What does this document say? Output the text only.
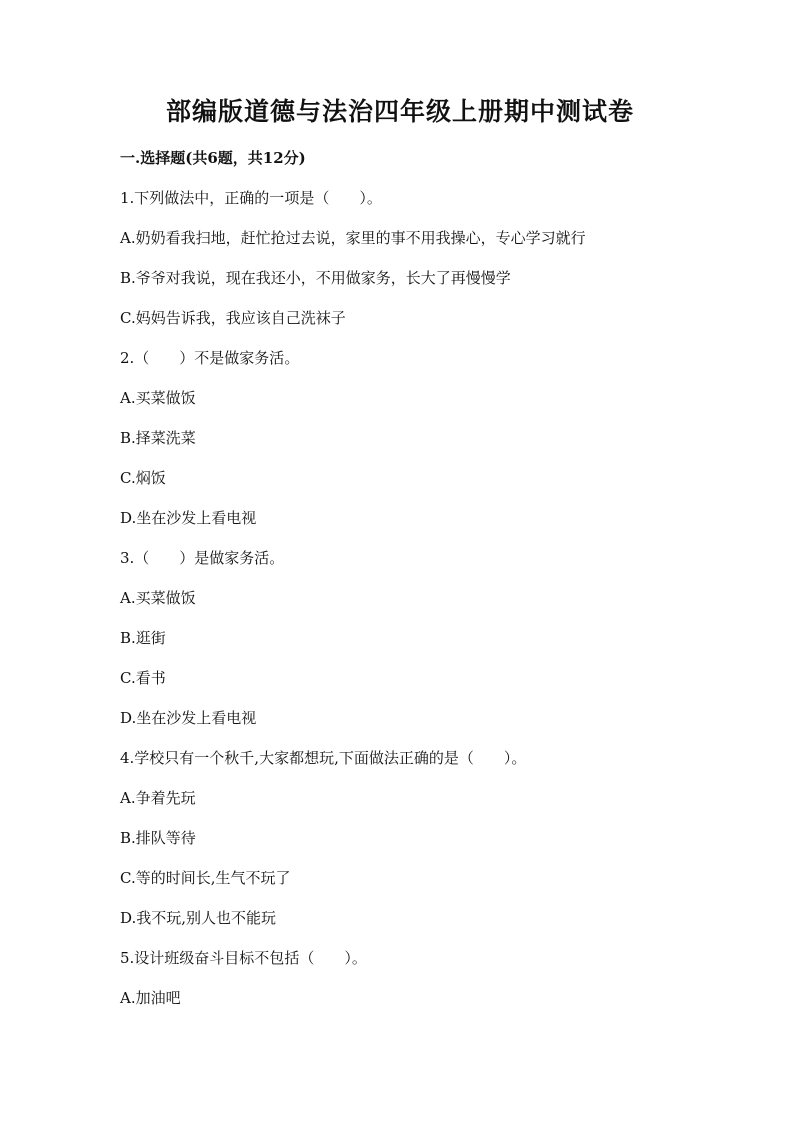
部编版道德与法治四年级上册期中测试卷
一.选择题(共6题，共12分)
1.下列做法中，正确的一项是（　　）。
A.奶奶看我扫地，赶忙抢过去说，家里的事不用我操心，专心学习就行
B.爷爷对我说，现在我还小，不用做家务，长大了再慢慢学
C.妈妈告诉我，我应该自己洗袜子
2.（　　）不是做家务活。
A.买菜做饭
B.择菜洗菜
C.焖饭
D.坐在沙发上看电视
3.（　　）是做家务活。
A.买菜做饭
B.逛街
C.看书
D.坐在沙发上看电视
4.学校只有一个秋千,大家都想玩,下面做法正确的是（　　）。
A.争着先玩
B.排队等待
C.等的时间长,生气不玩了
D.我不玩,别人也不能玩
5.设计班级奋斗目标不包括（　　）。
A.加油吧
